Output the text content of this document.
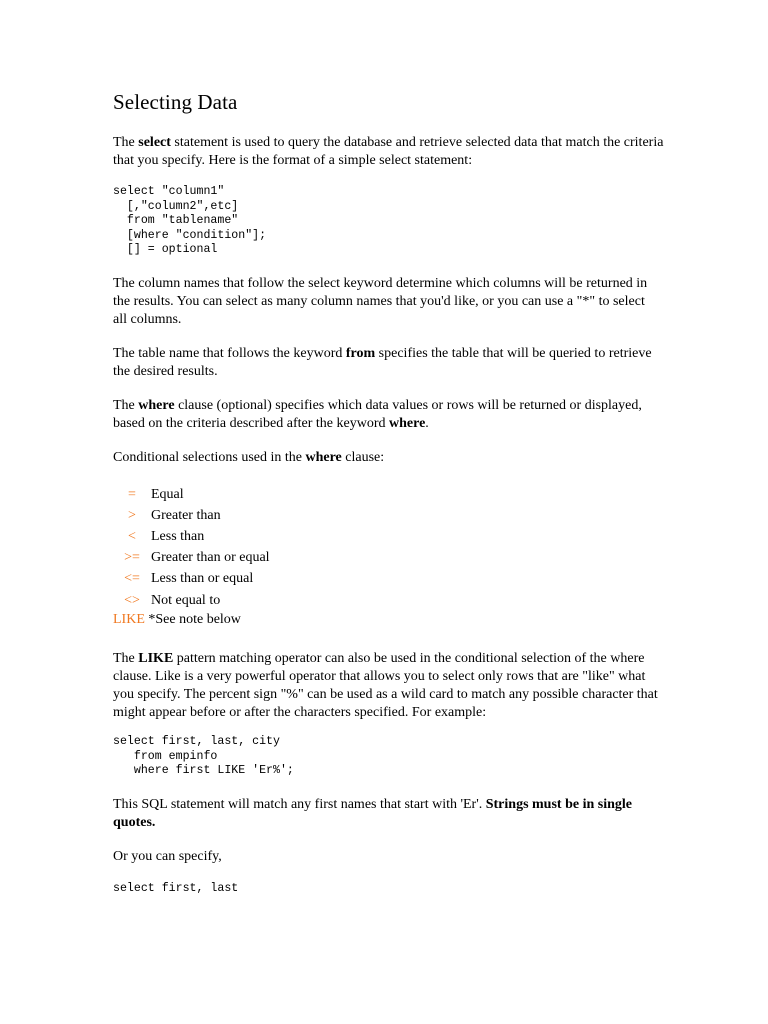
Selecting Data

The select statement is used to query the database and retrieve selected data that match the criteria that you specify. Here is the format of a simple select statement:

select "column1"
[,"column2",etc]
from "tablename"
[where "condition"];
[] = optional

The column names that follow the select keyword determine which columns will be returned in the results. You can select as many column names that you'd like, or you can use a "*" to select all columns.

The table name that follows the keyword from specifies the table that will be queried to retrieve the desired results.

The where clause (optional) specifies which data values or rows will be returned or displayed, based on the criteria described after the keyword where.

Conditional selections used in the where clause:

=	Equal
>	Greater than
<	Less than
>= Greater than or equal
<= Less than or equal
<> Not equal to
LIKE *See note below

The LIKE pattern matching operator can also be used in the conditional selection of the where clause. Like is a very powerful operator that allows you to select only rows that are "like" what you specify. The percent sign "%" can be used as a wild card to match any possible character that might appear before or after the characters specified. For example:

select first, last, city
from empinfo
where first LIKE 'Er%';

This SQL statement will match any first names that start with 'Er'. Strings must be in single quotes.

Or you can specify,

select first, last
